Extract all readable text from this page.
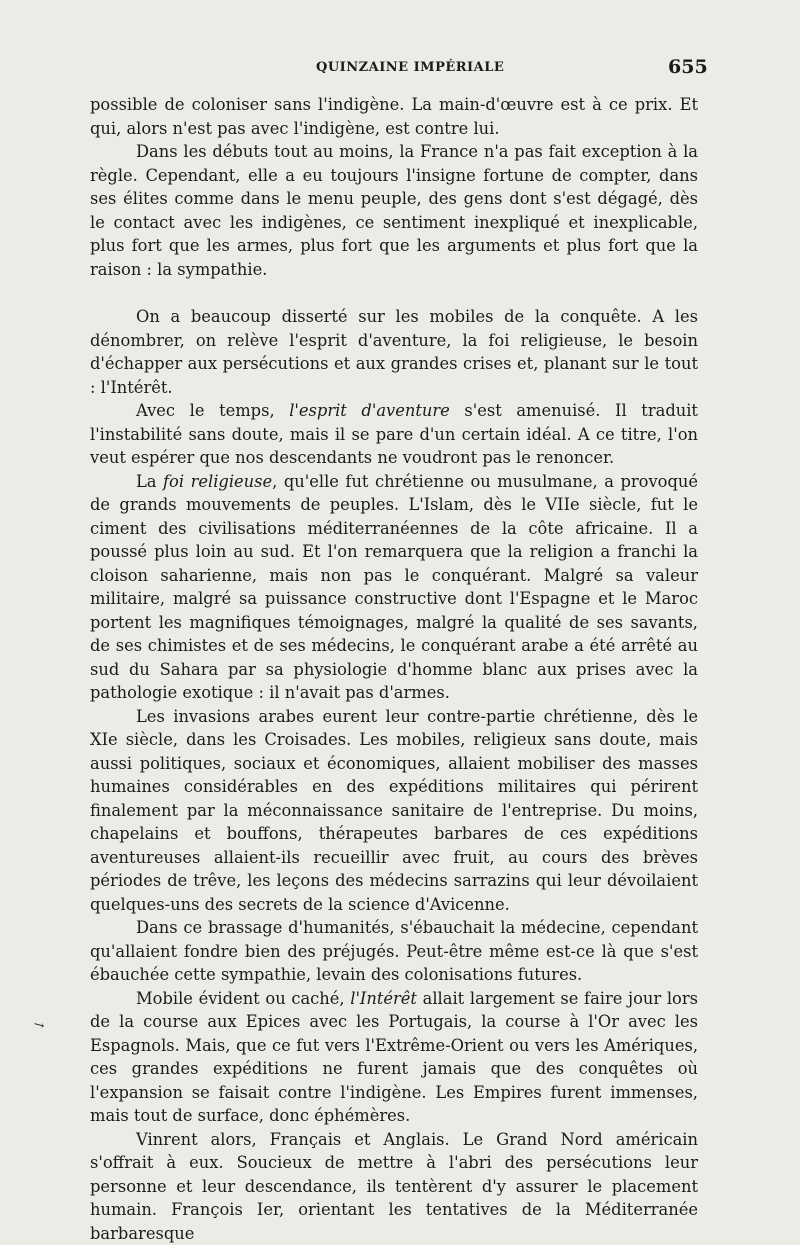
QUINZAINE IMPÉRIALE	655
↘

possible de coloniser sans l'indigène. La main-d'œuvre est à ce prix. Et qui, alors n'est pas avec l'indigène, est contre lui.

Dans les débuts tout au moins, la France n'a pas fait exception à la règle. Cependant, elle a eu toujours l'insigne fortune de compter, dans ses élites comme dans le menu peuple, des gens dont s'est dégagé, dès le contact avec les indigènes, ce sentiment inexpliqué et inexplicable, plus fort que les armes, plus fort que les arguments et plus fort que la raison : la sympathie.

On a beaucoup disserté sur les mobiles de la conquête. A les dénombrer, on relève l'esprit d'aventure, la foi religieuse, le besoin d'échapper aux persécutions et aux grandes crises et, planant sur le tout : l'Intérêt.

Avec le temps, l'esprit d'aventure s'est amenuisé. Il traduit l'instabilité sans doute, mais il se pare d'un certain idéal. A ce titre, l'on veut espérer que nos descendants ne voudront pas le renoncer.

La foi religieuse, qu'elle fut chrétienne ou musulmane, a provoqué de grands mouvements de peuples. L'Islam, dès le VIIe siècle, fut le ciment des civilisations méditerranéennes de la côte africaine. Il a poussé plus loin au sud. Et l'on remarquera que la religion a franchi la cloison saharienne, mais non pas le conquérant. Malgré sa valeur militaire, malgré sa puissance constructive dont l'Espagne et le Maroc portent les magnifiques témoignages, malgré la qualité de ses savants, de ses chimistes et de ses médecins, le conquérant arabe a été arrêté au sud du Sahara par sa physiologie d'homme blanc aux prises avec la pathologie exotique : il n'avait pas d'armes.

Les invasions arabes eurent leur contre-partie chrétienne, dès le XIe siècle, dans les Croisades. Les mobiles, religieux sans doute, mais aussi politiques, sociaux et économiques, allaient mobiliser des masses humaines considérables en des expéditions militaires qui périrent finalement par la méconnaissance sanitaire de l'entreprise. Du moins, chapelains et bouffons, thérapeutes barbares de ces expéditions aventureuses allaient-ils recueillir avec fruit, au cours des brèves périodes de trêve, les leçons des médecins sarrazins qui leur dévoilaient quelques-uns des secrets de la science d'Avicenne.

Dans ce brassage d'humanités, s'ébauchait la médecine, cependant qu'allaient fondre bien des préjugés. Peut-être même est-ce là que s'est ébauchée cette sympathie, levain des colonisations futures.

Mobile évident ou caché, l'Intérêt allait largement se faire jour lors de la course aux Epices avec les Portugais, la course à l'Or avec les Espagnols. Mais, que ce fut vers l'Extrême-Orient ou vers les Amériques, ces grandes expéditions ne furent jamais que des conquêtes où l'expansion se faisait contre l'indigène. Les Empires furent immenses, mais tout de surface, donc éphémères.

Vinrent alors, Français et Anglais. Le Grand Nord américain s'offrait à eux. Soucieux de mettre à l'abri des persécutions leur personne et leur descendance, ils tentèrent d'y assurer le placement humain. François Ier, orientant les tentatives de la Méditerranée barbaresque
